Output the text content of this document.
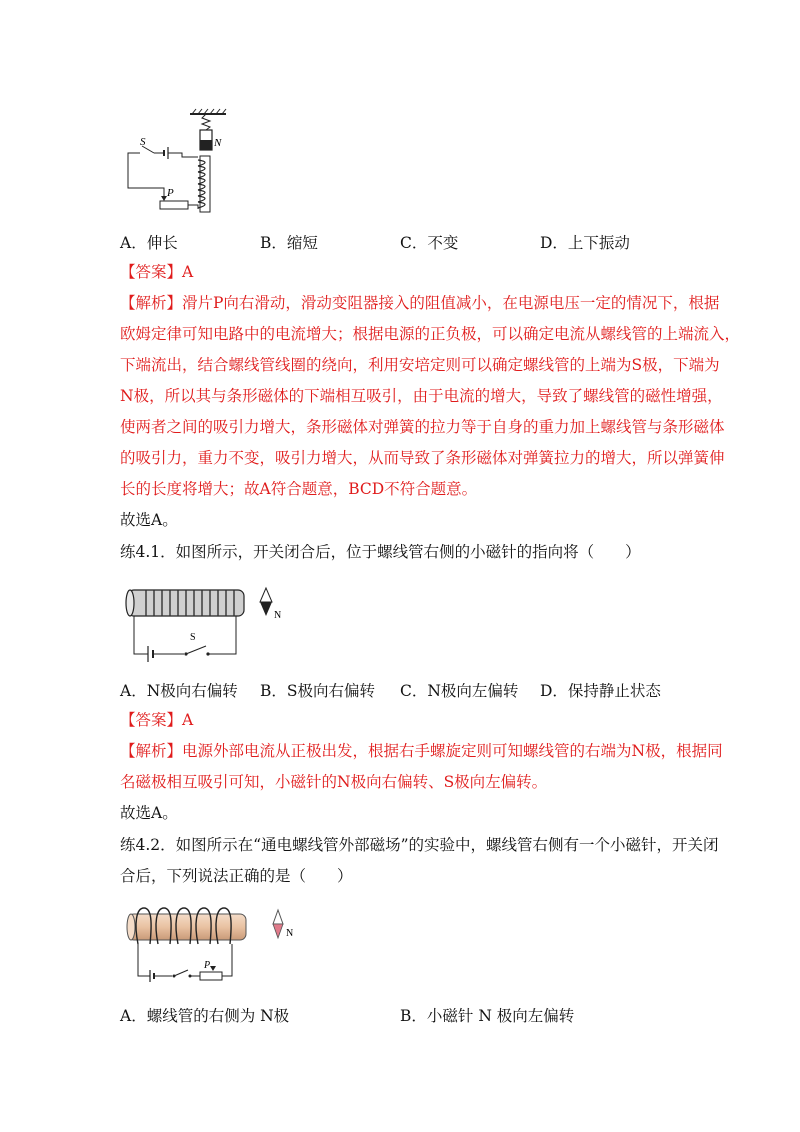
N
S
P
A．伸长	B．缩短	C．不变	D．上下振动
【答案】A
【解析】滑片P向右滑动，滑动变阻器接入的阻值减小，在电源电压一定的情况下，根据
欧姆定律可知电路中的电流增大；根据电源的正负极，可以确定电流从螺线管的上端流入，
下端流出，结合螺线管线圈的绕向，利用安培定则可以确定螺线管的上端为S极，下端为
N极，所以其与条形磁体的下端相互吸引，由于电流的增大，导致了螺线管的磁性增强，
使两者之间的吸引力增大，条形磁体对弹簧的拉力等于自身的重力加上螺线管与条形磁体
的吸引力，重力不变，吸引力增大，从而导致了条形磁体对弹簧拉力的增大，所以弹簧伸
长的长度将增大；故A符合题意，BCD不符合题意。
故选A。
练4.1．如图所示，开关闭合后，位于螺线管右侧的小磁针的指向将（　　）
S
N
A．N极向右偏转 B．S极向右偏转 C．N极向左偏转 D．保持静止状态
【答案】A
【解析】电源外部电流从正极出发，根据右手螺旋定则可知螺线管的右端为N极，根据同
名磁极相互吸引可知，小磁针的N极向右偏转、S极向左偏转。
故选A。
练4.2．如图所示在“通电螺线管外部磁场”的实验中，螺线管右侧有一个小磁针，开关闭
合后，下列说法正确的是（　　）
P
N
A．螺线管的右侧为 N极	B．小磁针 N 极向左偏转
